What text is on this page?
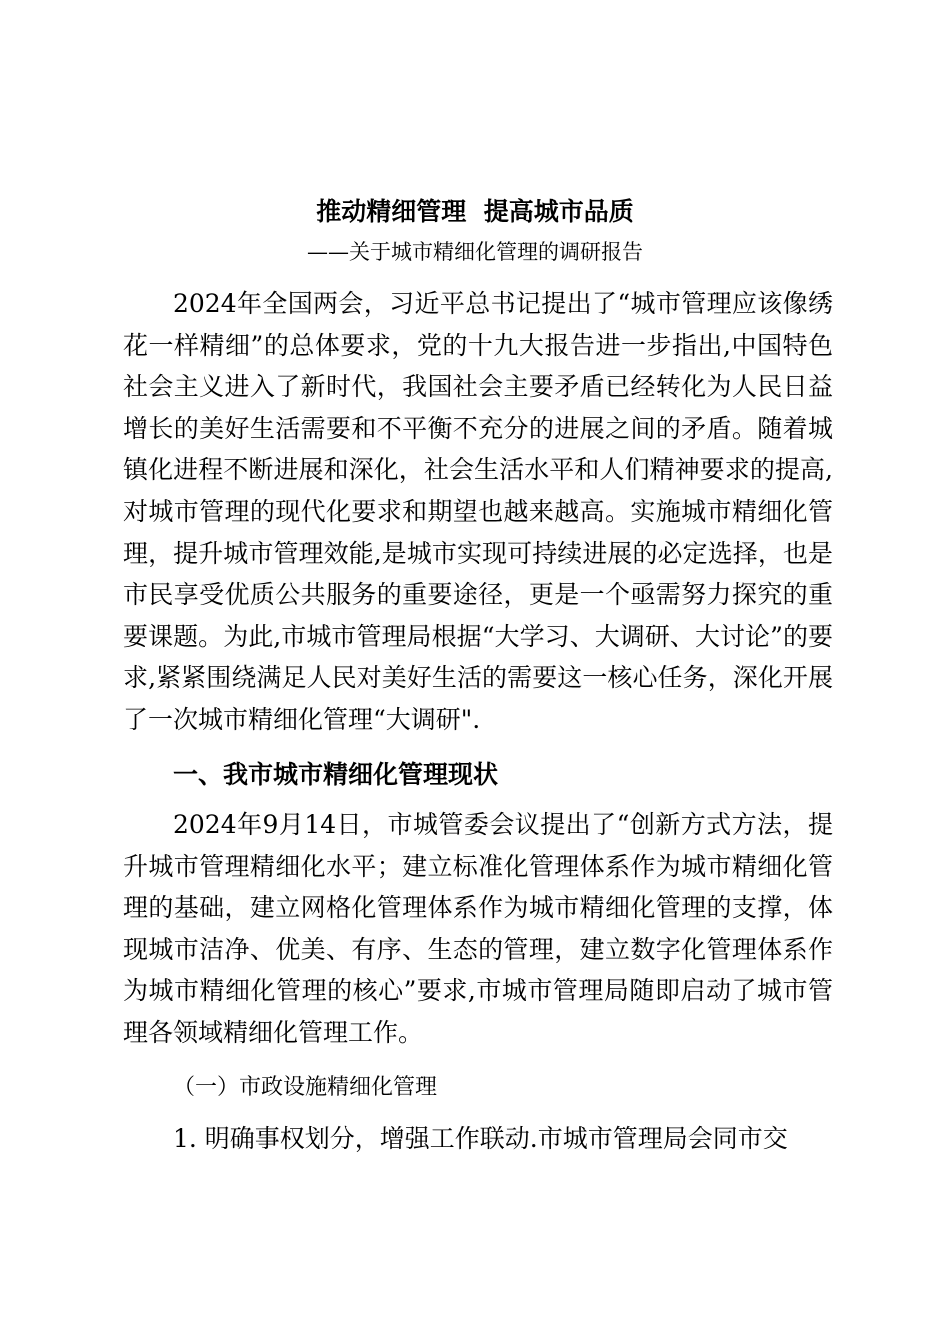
推动精细管理  提高城市品质
——关于城市精细化管理的调研报告

2024年全国两会，习近平总书记提出了“城市管理应该像绣花一样精细”的总体要求，党的十九大报告进一步指出,中国特色社会主义进入了新时代，我国社会主要矛盾已经转化为人民日益增长的美好生活需要和不平衡不充分的进展之间的矛盾。随着城镇化进程不断进展和深化，社会生活水平和人们精神要求的提高,对城市管理的现代化要求和期望也越来越高。实施城市精细化管理，提升城市管理效能,是城市实现可持续进展的必定选择，也是市民享受优质公共服务的重要途径，更是一个亟需努力探究的重要课题。为此,市城市管理局根据“大学习、大调研、大讨论”的要求,紧紧围绕满足人民对美好生活的需要这一核心任务，深化开展了一次城市精细化管理“大调研".

一、我市城市精细化管理现状

2024年9月14日，市城管委会议提出了“创新方式方法，提升城市管理精细化水平；建立标准化管理体系作为城市精细化管理的基础，建立网格化管理体系作为城市精细化管理的支撑，体现城市洁净、优美、有序、生态的管理，建立数字化管理体系作为城市精细化管理的核心”要求,市城市管理局随即启动了城市管理各领域精细化管理工作。

（一）市政设施精细化管理

1. 明确事权划分，增强工作联动.市城市管理局会同市交
